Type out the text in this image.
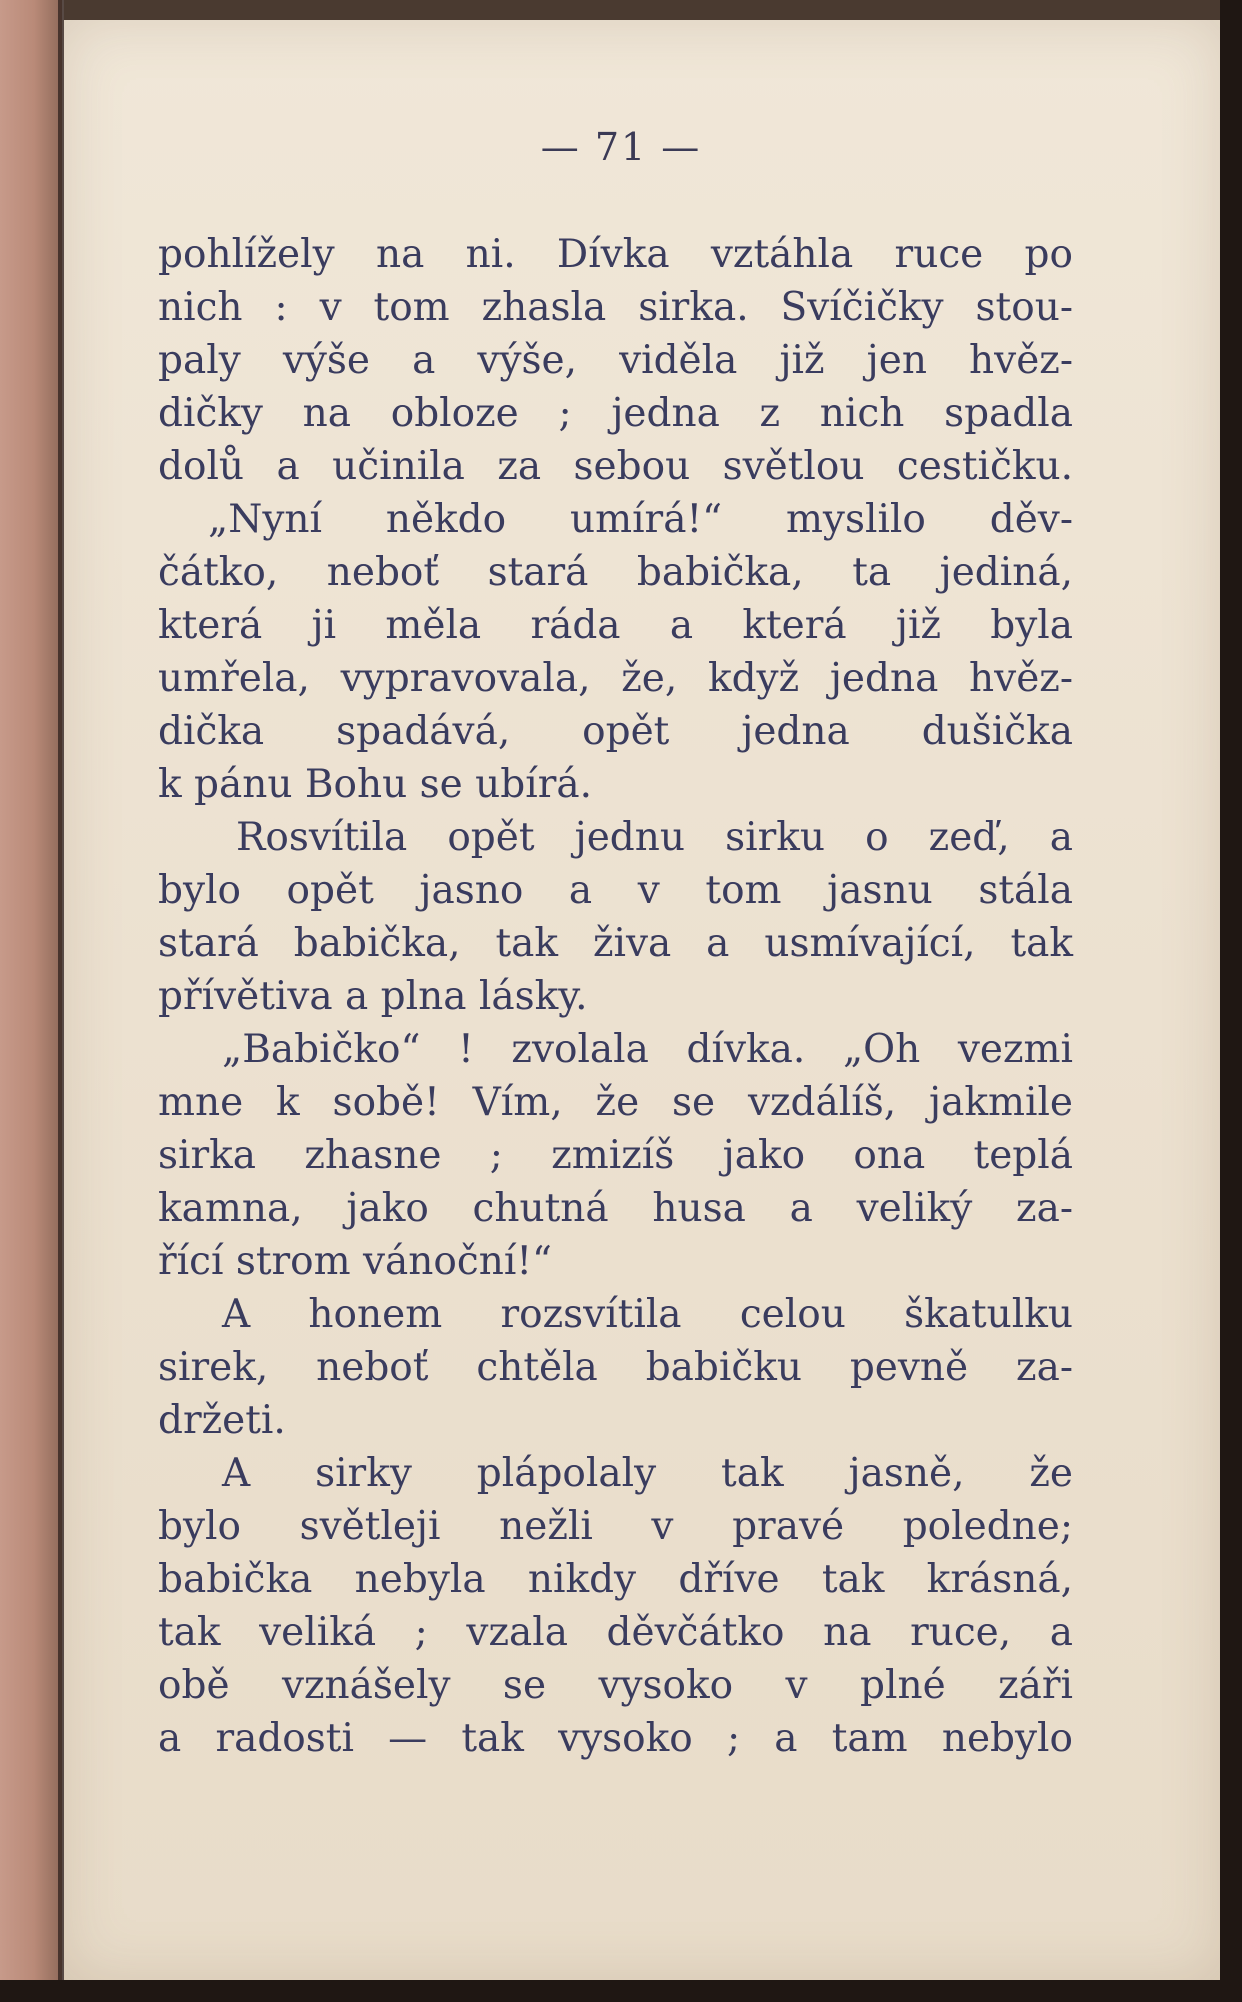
— 71 —
pohlížely na ni. Dívka vztáhla ruce po
nich : v tom zhasla sirka. Svíčičky stou-
paly výše a výše, viděla již jen hvěz-
dičky na obloze ; jedna z nich spadla
dolů a učinila za sebou světlou cestičku.
„Nyní někdo umírá!“ myslilo děv-
čátko, neboť stará babička, ta jediná,
která ji měla ráda a která již byla
umřela, vypravovala, že, když jedna hvěz-
dička spadává, opět jedna dušička
k pánu Bohu se ubírá.
Rosvítila opět jednu sirku o zeď, a
bylo opět jasno a v tom jasnu stála
stará babička, tak živa a usmívající, tak
přívětiva a plna lásky.
„Babičko“ ! zvolala dívka. „Oh vezmi
mne k sobě! Vím, že se vzdálíš, jakmile
sirka zhasne ; zmizíš jako ona teplá
kamna, jako chutná husa a veliký za-
řící strom vánoční!“
A honem rozsvítila celou škatulku
sirek, neboť chtěla babičku pevně za-
držeti.
A sirky plápolaly tak jasně, že
bylo světleji nežli v pravé poledne;
babička nebyla nikdy dříve tak krásná,
tak veliká ; vzala děvčátko na ruce, a
obě vznášely se vysoko v plné záři
a radosti — tak vysoko ; a tam nebylo
